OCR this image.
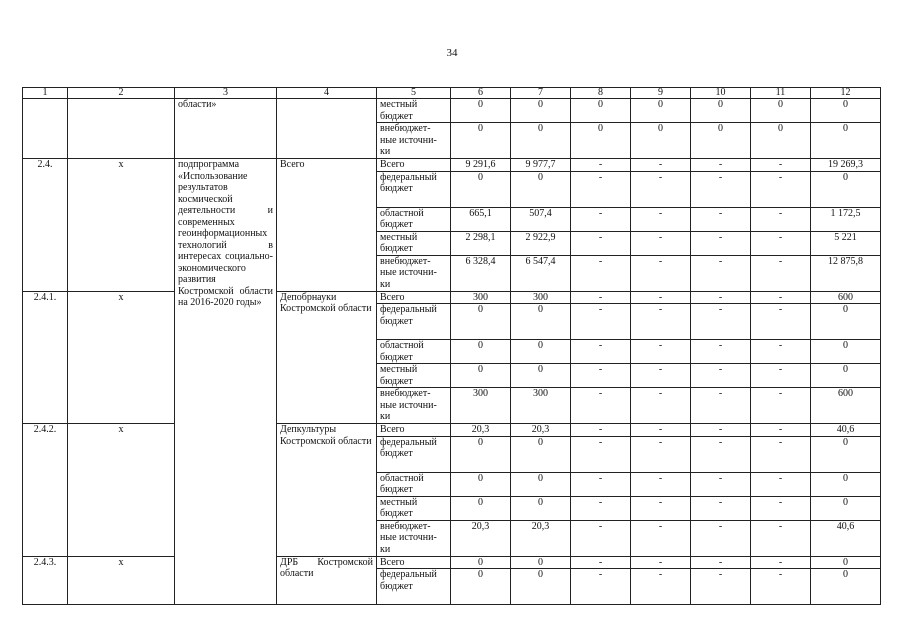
34
1	2	3	4	5	6	7	8	9	10	11	12
		области»		местный бюджет	0	0	0	0	0	0	0
				внебюджет-ные источни-ки	0	0	0	0	0	0	0
2.4.	x	подпрограмма «Использование результатов космической деятельности и современных геоинформационных технологий в интересах социально-экономического развития Костромской области на 2016-2020 годы»	Всего	Всего	9 291,6	9 977,7	-	-	-	-	19 269,3
				федеральный бюджет	0	0	-	-	-	-	0
				областной бюджет	665,1	507,4	-	-	-	-	1 172,5
				местный бюджет	2 298,1	2 922,9	-	-	-	-	5 221
				внебюджет-ные источни-ки	6 328,4	6 547,4	-	-	-	-	12 875,8
2.4.1.	x		Депобрнауки Костромской области	Всего	300	300	-	-	-	-	600
				федеральный бюджет	0	0	-	-	-	-	0
				областной бюджет	0	0	-	-	-	-	0
				местный бюджет	0	0	-	-	-	-	0
				внебюджет-ные источни-ки	300	300	-	-	-	-	600
2.4.2.	x		Депкультуры Костромской области	Всего	20,3	20,3	-	-	-	-	40,6
				федеральный бюджет	0	0	-	-	-	-	0
				областной бюджет	0	0	-	-	-	-	0
				местный бюджет	0	0	-	-	-	-	0
				внебюджет-ные источни-ки	20,3	20,3	-	-	-	-	40,6
2.4.3.	x		ДРБ Костромской области	Всего	0	0	-	-	-	-	0
				федеральный бюджет	0	0	-	-	-	-	0
